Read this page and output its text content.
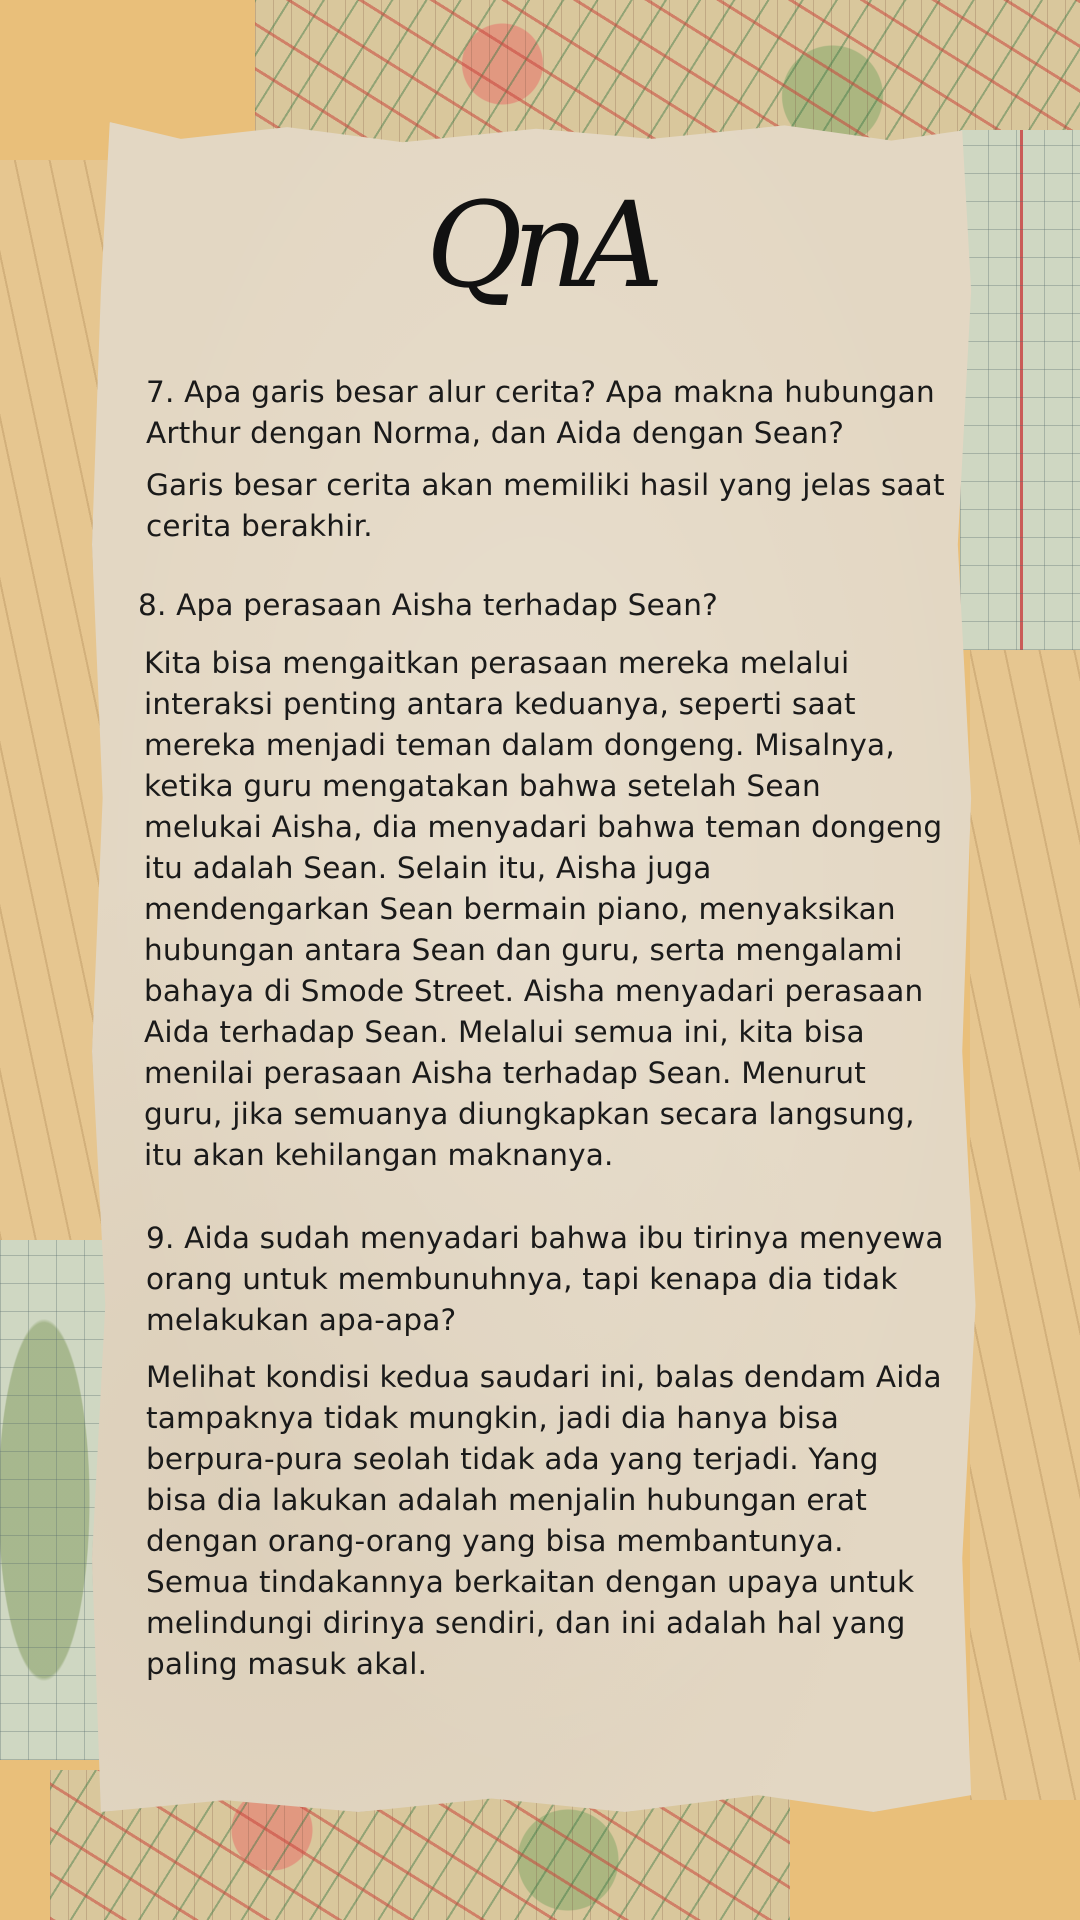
QnA

7. Apa garis besar alur cerita? Apa makna hubungan Arthur dengan Norma, dan Aida dengan Sean?

Garis besar cerita akan memiliki hasil yang jelas saat cerita berakhir.

8. Apa perasaan Aisha terhadap Sean?

Kita bisa mengaitkan perasaan mereka melalui interaksi penting antara keduanya, seperti saat mereka menjadi teman dalam dongeng. Misalnya, ketika guru mengatakan bahwa setelah Sean melukai Aisha, dia menyadari bahwa teman dongeng itu adalah Sean. Selain itu, Aisha juga mendengarkan Sean bermain piano, menyaksikan hubungan antara Sean dan guru, serta mengalami bahaya di Smode Street. Aisha menyadari perasaan Aida terhadap Sean. Melalui semua ini, kita bisa menilai perasaan Aisha terhadap Sean. Menurut guru, jika semuanya diungkapkan secara langsung, itu akan kehilangan maknanya.

9. Aida sudah menyadari bahwa ibu tirinya menyewa orang untuk membunuhnya, tapi kenapa dia tidak melakukan apa-apa?

Melihat kondisi kedua saudari ini, balas dendam Aida tampaknya tidak mungkin, jadi dia hanya bisa berpura-pura seolah tidak ada yang terjadi. Yang bisa dia lakukan adalah menjalin hubungan erat dengan orang-orang yang bisa membantunya. Semua tindakannya berkaitan dengan upaya untuk melindungi dirinya sendiri, dan ini adalah hal yang paling masuk akal.
